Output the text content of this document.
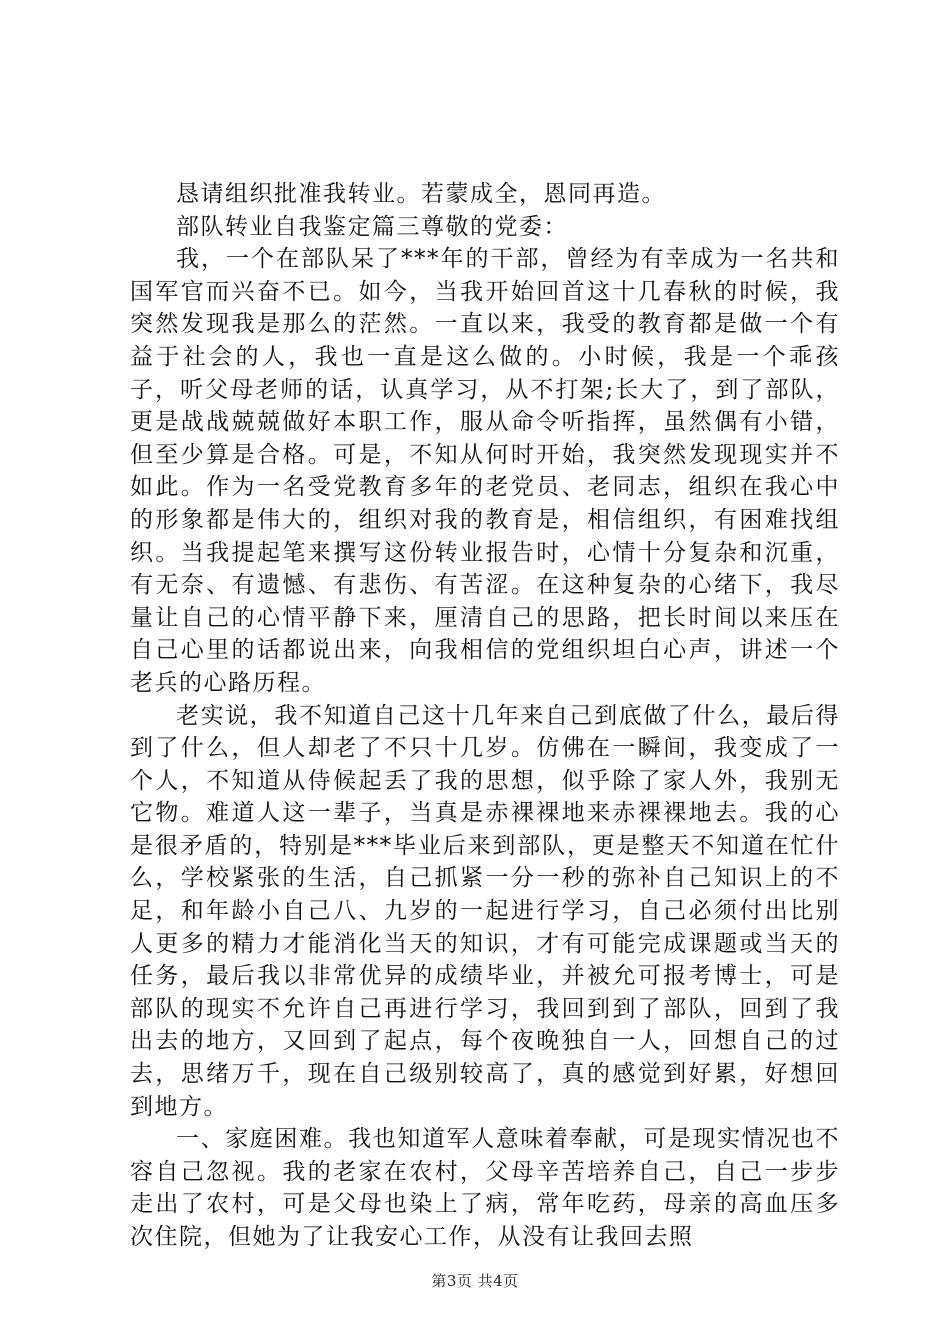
恳请组织批准我转业。若蒙成全，恩同再造。

部队转业自我鉴定篇三尊敬的党委：

我，一个在部队呆了***年的干部，曾经为有幸成为一名共和国军官而兴奋不已。如今，当我开始回首这十几春秋的时候，我突然发现我是那么的茫然。一直以来，我受的教育都是做一个有益于社会的人，我也一直是这么做的。小时候，我是一个乖孩子，听父母老师的话，认真学习，从不打架;长大了，到了部队，更是战战兢兢做好本职工作，服从命令听指挥，虽然偶有小错，但至少算是合格。可是，不知从何时开始，我突然发现现实并不如此。作为一名受党教育多年的老党员、老同志，组织在我心中的形象都是伟大的，组织对我的教育是，相信组织，有困难找组织。当我提起笔来撰写这份转业报告时，心情十分复杂和沉重，有无奈、有遗憾、有悲伤、有苦涩。在这种复杂的心绪下，我尽量让自己的心情平静下来，厘清自己的思路，把长时间以来压在自己心里的话都说出来，向我相信的党组织坦白心声，讲述一个老兵的心路历程。

老实说，我不知道自己这十几年来自己到底做了什么，最后得到了什么，但人却老了不只十几岁。仿佛在一瞬间，我变成了一个人，不知道从侍候起丢了我的思想，似乎除了家人外，我别无它物。难道人这一辈子，当真是赤裸裸地来赤裸裸地去。我的心是很矛盾的，特别是***毕业后来到部队，更是整天不知道在忙什么，学校紧张的生活，自己抓紧一分一秒的弥补自己知识上的不足，和年龄小自己八、九岁的一起进行学习，自己必须付出比别人更多的精力才能消化当天的知识，才有可能完成课题或当天的任务，最后我以非常优异的成绩毕业，并被允可报考博士，可是部队的现实不允许自己再进行学习，我回到到了部队，回到了我出去的地方，又回到了起点，每个夜晚独自一人，回想自己的过去，思绪万千，现在自己级别较高了，真的感觉到好累，好想回到地方。

一、家庭困难。我也知道军人意味着奉献，可是现实情况也不容自己忽视。我的老家在农村，父母辛苦培养自己，自己一步步走出了农村，可是父母也染上了病，常年吃药，母亲的高血压多次住院，但她为了让我安心工作，从没有让我回去照

第3页 共4页
